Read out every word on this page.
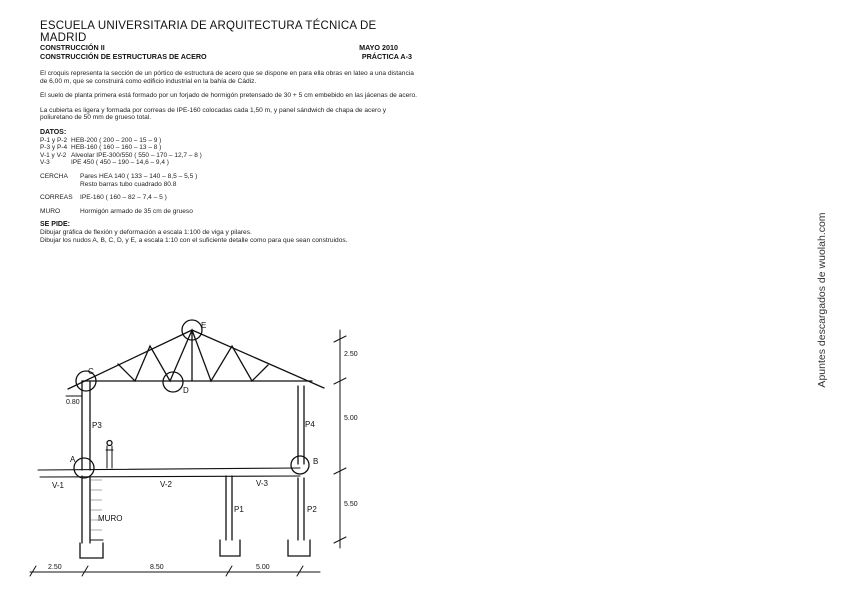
ESCUELA UNIVERSITARIA DE ARQUITECTURA TÉCNICA DE MADRID
CONSTRUCCIÓN II	MAYO 2010
CONSTRUCCIÓN DE ESTRUCTURAS DE ACERO	PRÁCTICA A-3

El croquis representa la sección de un pórtico de estructura de acero que se dispone en para ella obras en lateo a una distancia de 6,00 m, que se construirá como edificio industrial en la bahía de Cádiz.

El suelo de planta primera está formado por un forjado de hormigón pretensado de 30 + 5 cm embebido en las jácenas de acero.

La cubierta es ligera y formada por correas de IPE-160 colocadas cada 1,50 m, y panel sándwich de chapa de acero y poliuretano de 50 mm de grueso total.

DATOS:
P-1 y P-2 HEB-200 ( 200 – 200 – 15 – 9 )
P-3 y P-4 HEB-160 ( 160 – 160 – 13 – 8 )
V-1 y V-2 Alveolar IPE-300/550 ( 550 – 170 – 12,7 – 8 )
V-3	IPE 450 ( 450 – 190 – 14,6 – 9,4 )
CERCHA	Pares HEA 140 ( 133 – 140 – 8,5 – 5,5 )
Resto barras tubo cuadrado 80.8
CORREAS	IPE-160 ( 160 – 82 – 7,4 – 5 )
MURO	Hormigón armado de 35 cm de grueso
SE PIDE:

Dibujar gráfica de flexión y deformación a escala 1:100 de viga y pilares.

Dibujar los nudos A, B, C, D, y E, a escala 1:10 con el suficiente detalle como para que sean construidos.

A	B
C
D
E
V-1	V-2	V-3
P1	P2
P3	P4
MURO
2.50
5.00
5.50
2.50	8.50	5.00
0.80
Apuntes descargados de wuolah.com
